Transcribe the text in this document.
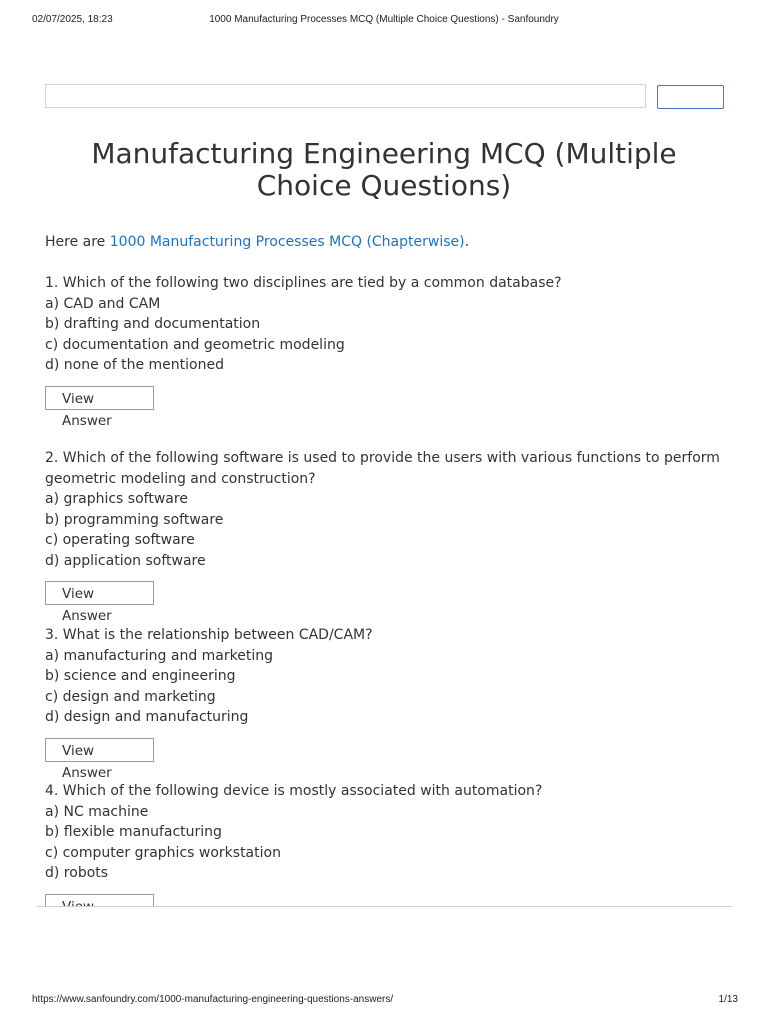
02/07/2025, 18:23	1000 Manufacturing Processes MCQ (Multiple Choice Questions) - Sanfoundry
Manufacturing Engineering MCQ (Multiple Choice Questions)
Here are 1000 Manufacturing Processes MCQ (Chapterwise).

1. Which of the following two disciplines are tied by a common database?
a) CAD and CAM
b) drafting and documentation
c) documentation and geometric modeling
d) none of the mentioned

View Answer

2. Which of the following software is used to provide the users with various functions to perform geometric modeling and construction?
a) graphics software
b) programming software
c) operating software
d) application software

View Answer

3. What is the relationship between CAD/CAM?
a) manufacturing and marketing
b) science and engineering
c) design and marketing
d) design and manufacturing

View Answer

4. Which of the following device is mostly associated with automation?
a) NC machine
b) flexible manufacturing
c) computer graphics workstation
d) robots

https://www.sanfoundry.com/1000-manufacturing-engineering-questions-answers/	1/13
